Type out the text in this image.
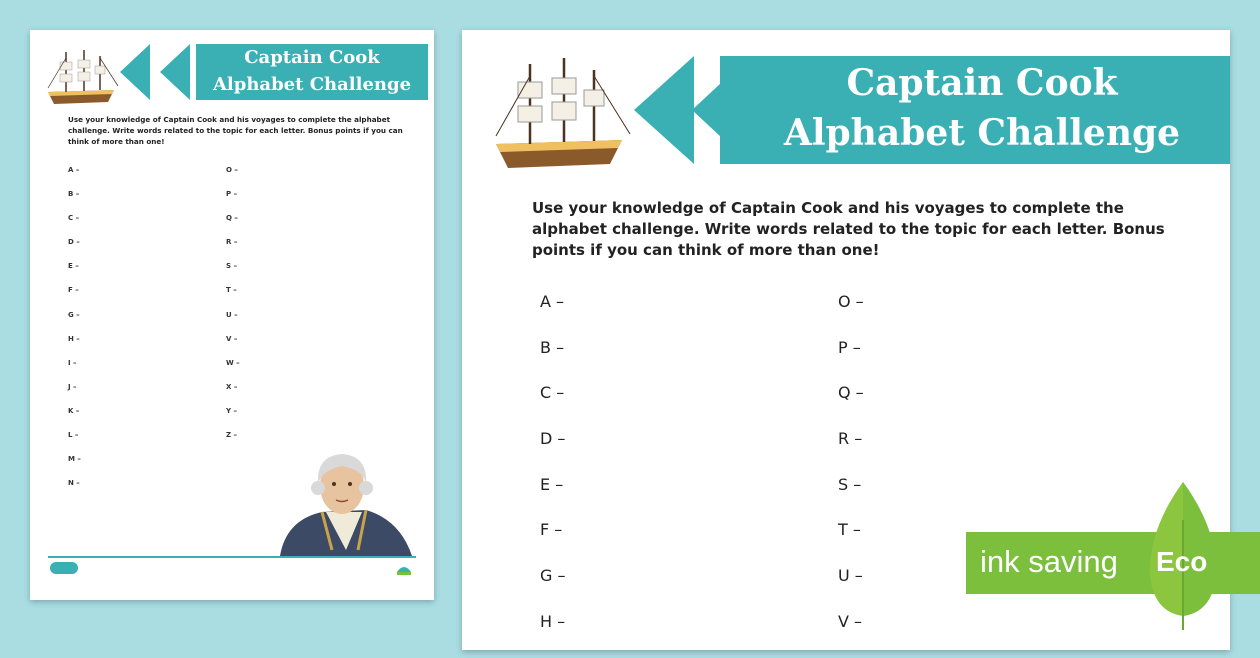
Captain Cook
Alphabet Challenge
Use your knowledge of Captain Cook and his voyages to complete the alphabet challenge. Write words related to the topic for each letter. Bonus points if you can think of more than one!
A –
B –
C –
D –
E –
F –
G –
H –
I –
J –
K –
L –
M –
N –
O –
P –
Q –
R –
S –
T –
U –
V –
W –
X –
Y –
Z –
Captain Cook
Alphabet Challenge
Use your knowledge of Captain Cook and his voyages to complete the alphabet challenge. Write words related to the topic for each letter. Bonus points if you can think of more than one!
A –
B –
C –
D –
E –
F –
G –
H –
O –
P –
Q –
R –
S –
T –
U –
V –
ink saving Eco
